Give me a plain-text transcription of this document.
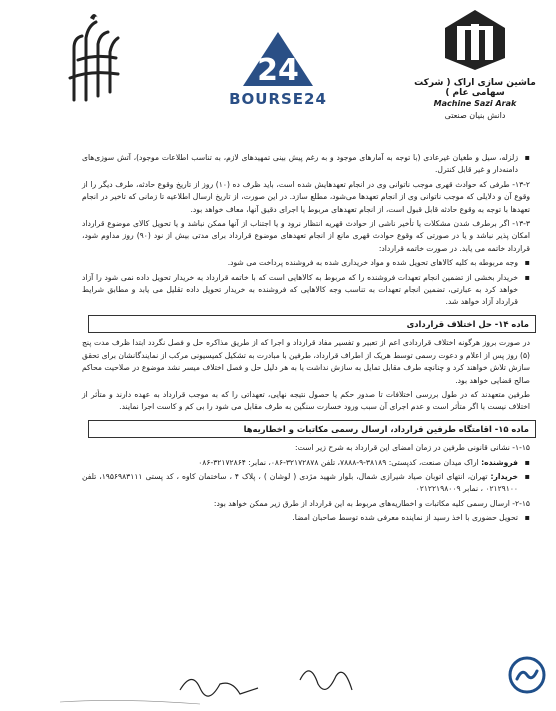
24
BOURSE24
ماشین سازی اراک ( شرکت سهامی عام )
Machine Sazi Arak
دانش بنیان صنعتی

▪ زلزله، سیل و طغیان غیرعادی (با توجه به آمارهای موجود و به رغم پیش بینی تمهیدهای لازم، به تناسب اطلاعات موجود)، آتش سوزی‌های دامنه‌دار و غیر قابل کنترل.

۱۳-۲- طرفی که حوادث قهری موجب ناتوانی وی در انجام تعهدهایش شده است، باید ظرف ده (۱۰) روز از تاریخ وقوع حادثه، طرف دیگر را از وقوع آن و دلایلی که موجب ناتوانی وی از انجام تعهدها می‌شود، مطلع سازد. در این صورت، از تاریخ ارسال اطلاعیه تا زمانی که تاخیر در انجام تعهدها با توجه به وقوع حادثه قابل قبول است، از انجام تعهدهای مربوط یا اجرای دقیق آنها، معاف خواهد بود.

۱۳-۳- اگر برطرف شدن مشکلات یا تأخیر ناشی از حوادث قهریه انتظار نرود و یا اجتناب از آنها ممکن نباشد و یا تحویل کالای موضوع قرارداد امکان پذیر نباشد و یا در صورتی که وقوع حوادث قهری مانع از انجام تعهدهای موضوع قرارداد برای مدتی بیش از نود (۹۰) روز مداوم شود، قرارداد خاتمه می یابد. در صورت خاتمه قرارداد:

▪ وجه مربوطه به کلیه کالاهای تحویل شده و مواد خریداری شده به فروشنده پرداخت می شود.

▪ خریدار بخشی از تضمین انجام تعهدات فروشنده را که مربوط به کالاهایی است که با خاتمه قرارداد به خریدار تحویل داده نمی شود را آزاد خواهد کرد به عبارتی، تضمین انجام تعهدات به تناسب وجه کالاهایی که فروشنده به خریدار تحویل داده تقلیل می یابد و مطابق شرایط قرارداد آزاد خواهد شد.

ماده ۱۴- حل اختلاف قراردادی

در صورت بروز هرگونه اختلاف قراردادی اعم از تعبیر و تفسیر مفاد قرارداد و اجرا که از طریق مذاکره حل و فصل نگردد ابتدا ظرف مدت پنج (۵) روز پس از اعلام و دعوت رسمی توسط هریک از اطراف قرارداد، طرفین با مبادرت به تشکیل کمیسیونی مرکب از نمایندگانشان برای تحقق سازش تلاش خواهند کرد و چنانچه طرف مقابل تمایل به سازش نداشت یا به هر دلیل حل و فصل اختلاف میسر نشد موضوع در صلاحیت محاکم صالح قضایی خواهد بود.

طرفین متعهدند که در طول بررسی اختلافات تا صدور حکم یا حصول نتیجه نهایی، تعهداتی را که به موجب قرارداد به عهده دارند و متأثر از اختلاف نیست با اگر متأثر است و عدم اجرای آن سبب ورود خسارت سنگین به طرف مقابل می شود را بی کم و کاست اجرا نمایند.

ماده ۱۵- اقامتگاه طرفین قرارداد، ارسال رسمی مکاتبات و اخطاریه‌ها

۱-۱۵- نشانی قانونی طرفین در زمان امضای این قرارداد به شرح زیر است:

▪ فروشنده: اراک میدان صنعت، کدپستی: ۳۸۱۸۹-۹-۷۸۸۸، تلفن ۳۲۱۷۲۸۷۸-۰۸۶، نمابر: ۳۲۱۷۲۸۶۴-۰۸۶

▪ خریدار: تهران، انتهای اتوبان صیاد شیرازی شمال، بلوار شهید مژدی ( لوشان ) ، پلاک ۴ ، ساختمان کاوه ، کد پستی ۱۹۵۶۹۸۳۱۱۱، تلفن ۰۲۱۲۹۱۰۰ ، نمابر ۰۲۱۲۲۱۹۸۰۰۹

۲-۱۵- ارسال رسمی کلیه مکاتبات و اخطاریه‌های مربوط به این قرارداد از طرق زیر ممکن خواهد بود:

▪ تحویل حضوری با اخذ رسید از نماینده معرفی شده توسط صاحبان امضا.
